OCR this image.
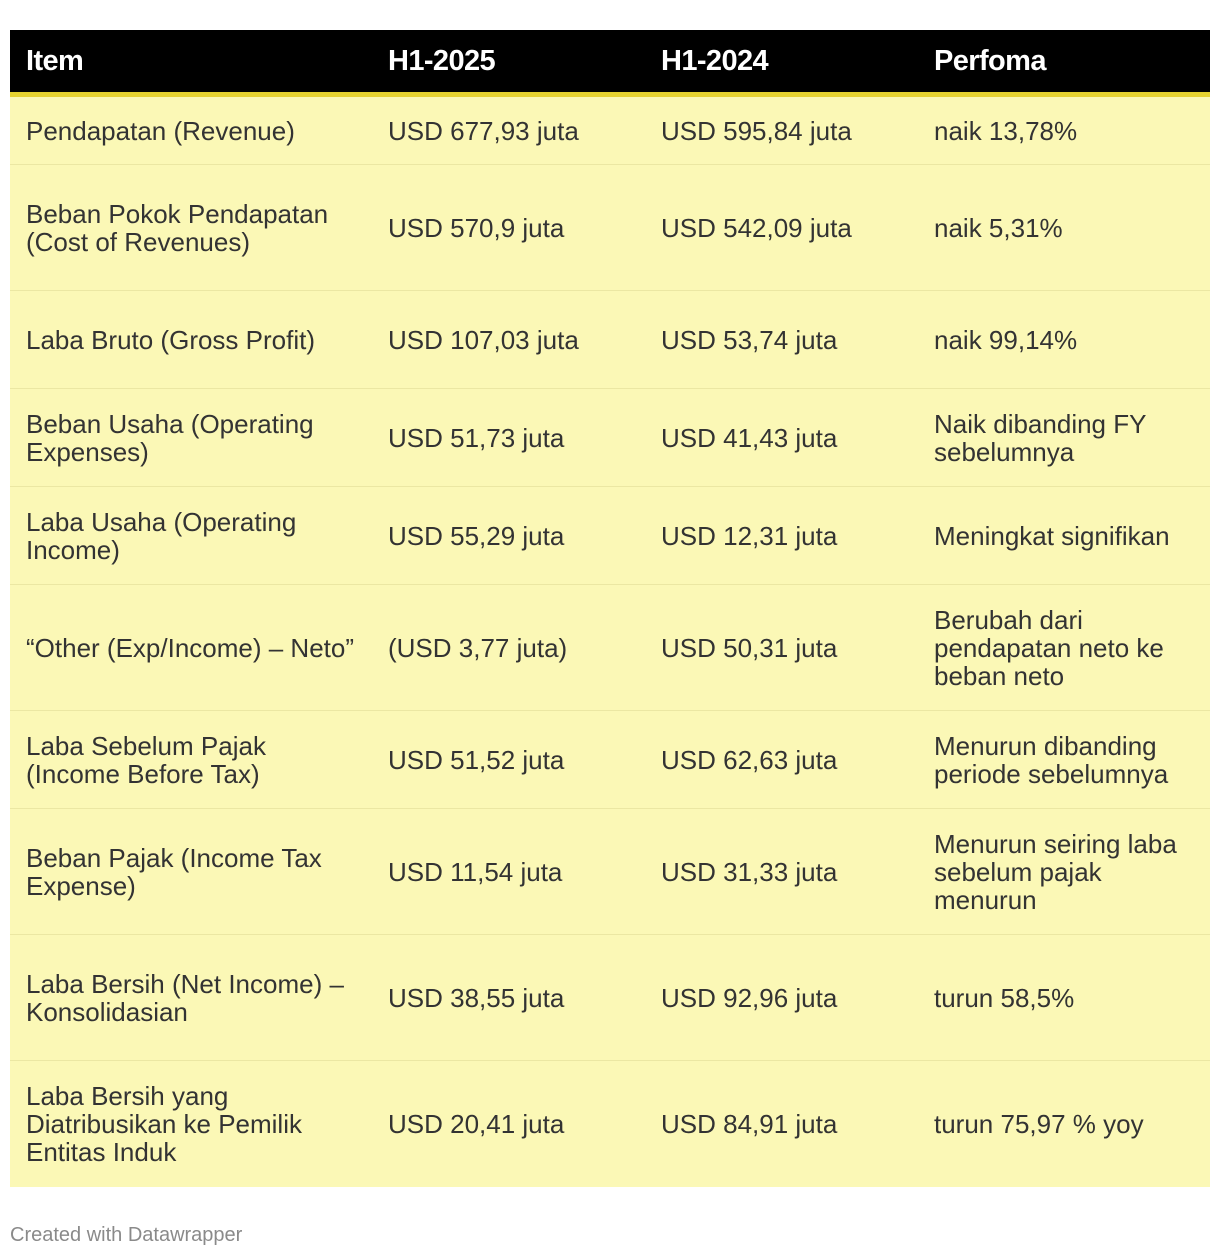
Item	H1-2025	H1-2024	Perfoma
Pendapatan (Revenue)	USD 677,93 juta	USD 595,84 juta	naik 13,78%
Beban Pokok Pendapatan (Cost of Revenues)	USD 570,9 juta	USD 542,09 juta	naik 5,31%
Laba Bruto (Gross Profit)	USD 107,03 juta	USD 53,74 juta	naik 99,14%
Beban Usaha (Operating Expenses)	USD 51,73 juta	USD 41,43 juta	Naik dibanding FY sebelumnya
Laba Usaha (Operating Income)	USD 55,29 juta	USD 12,31 juta	Meningkat signifikan
“Other (Exp/Income) – Neto”	(USD 3,77 juta)	USD 50,31 juta	Berubah dari pendapatan neto ke beban neto
Laba Sebelum Pajak (Income Before Tax)	USD 51,52 juta	USD 62,63 juta	Menurun dibanding periode sebelumnya
Beban Pajak (Income Tax Expense)	USD 11,54 juta	USD 31,33 juta	Menurun seiring laba sebelum pajak menurun
Laba Bersih (Net Income) – Konsolidasian	USD 38,55 juta	USD 92,96 juta	turun 58,5%
Laba Bersih yang Diatribusikan ke Pemilik Entitas Induk	USD 20,41 juta	USD 84,91 juta	turun 75,97 % yoy
Created with Datawrapper
